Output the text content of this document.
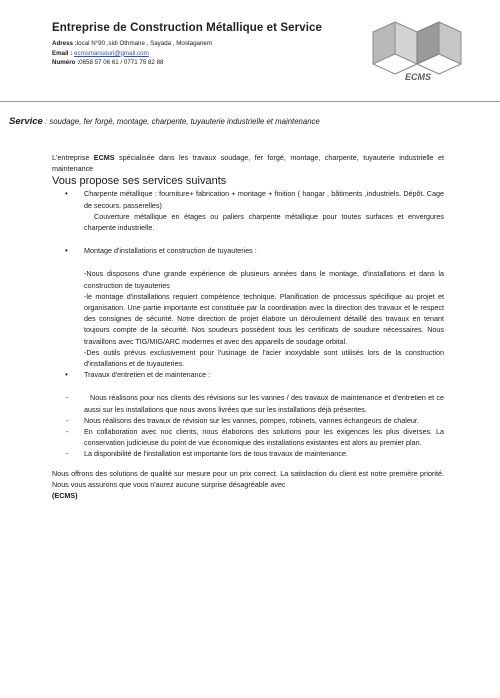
Entreprise de Construction Métallique et Service
Adress :local N°90 ,sidi Othmane , Sayada , Mostaganem
Email : ecmsmansouri@gmail.com
Numéro :0658 57 06 61 / 0771 75 82 88
ECMS
Service : soudage, fer forgé, montage, charpente, tuyauterie industrielle et maintenance

L'entreprise ECMS spécialisée dans les travaux soudage, fer forgé, montage, charpente, tuyauterie industrielle et maintenance

Vous propose ses services suivants

• Charpente métallique : fourniture+ fabrication + montage + finition ( hangar , bâtiments ,industriels. Dépôt. Cage de secours. passerelles)

Couverture métallique en étages ou paliers charpente métallique pour toutes surfaces et envergures charpente industrielle.

• Montage d'installations et construction de tuyauteries :

-Nous disposons d'une grande expérience de plusieurs années dans le montage, d'installations et dans la construction de tuyauteries

-le montage d'installations requiert compétence technique. Planification de processus spécifique au projet et organisation. Une partie importante est constituée par la coordination avec la direction des travaux et le respect des consignes de sécurité. Notre direction de projet élabore un déroulement détaillé des travaux en tenant toujours compte de la sécurité. Nos soudeurs possèdent tous les certificats de soudure nécessaires. Nous travaillons avec TIG/MIG/ARC modernes et avec des appareils de soudage orbital.

-Des outils prévus exclusivement pour l'usinage de l'acier inoxydable sont utilisés lors de la construction d'installations et de tuyauteries.

• Travaux d'entretien et de maintenance :

-	Nous réalisons pour nos clients des révisions sur les vannes / des travaux de maintenance et d'entretien et ce aussi sur les installations que nous avons livrées que sur les installations déjà présentes.

- Nous réalisons des travaux de révision sur les vannes, pompes, robinets, vannes échangeurs de chaleur.

- En collaboration avec noc clients, nous élaborons des solutions pour les exigences les plus diverses. La conservation judicieuse du point de vue économique des installations existantes est alors au premier plan.

- La disponibilité de l'installation est importante lors de tous travaux de maintenance.

Nous offrons des solutions de qualité sur mesure pour un prix correct. La satisfaction du client est notre première priorité. Nous vous assurons que vous n'aurez aucune surprise désagréable avec
(ECMS)
